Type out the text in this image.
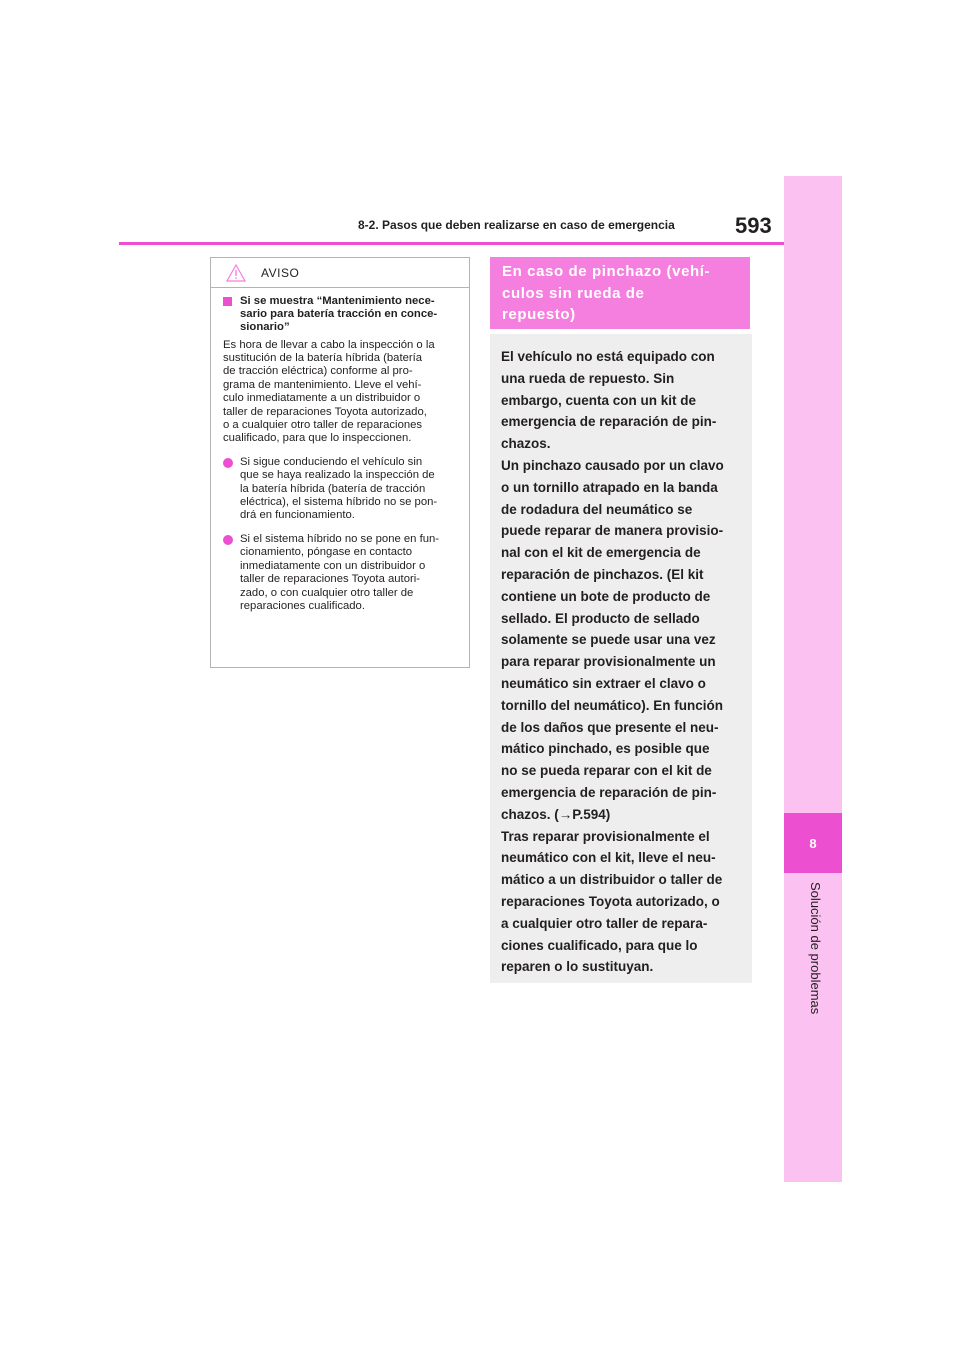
8
Solución de problemas
8-2. Pasos que deben realizarse en caso de emergencia	593
AVISO
Si se muestra “Mantenimiento nece-
sario para batería tracción en conce-
sionario”
Es hora de llevar a cabo la inspección o la
sustitución de la batería híbrida (batería
de tracción eléctrica) conforme al pro-
grama de mantenimiento. Lleve el vehí-
culo inmediatamente a un distribuidor o
taller de reparaciones Toyota autorizado,
o a cualquier otro taller de reparaciones
cualificado, para que lo inspeccionen.
Si sigue conduciendo el vehículo sin
que se haya realizado la inspección de
la batería híbrida (batería de tracción
eléctrica), el sistema híbrido no se pon-
drá en funcionamiento.
Si el sistema híbrido no se pone en fun-
cionamiento, póngase en contacto
inmediatamente con un distribuidor o
taller de reparaciones Toyota autori-
zado, o con cualquier otro taller de
reparaciones cualificado.
En caso de pinchazo (vehí-
culos sin rueda de
repuesto)
El vehículo no está equipado con
una rueda de repuesto. Sin
embargo, cuenta con un kit de
emergencia de reparación de pin-
chazos.
Un pinchazo causado por un clavo
o un tornillo atrapado en la banda
de rodadura del neumático se
puede reparar de manera provisio-
nal con el kit de emergencia de
reparación de pinchazos. (El kit
contiene un bote de producto de
sellado. El producto de sellado
solamente se puede usar una vez
para reparar provisionalmente un
neumático sin extraer el clavo o
tornillo del neumático). En función
de los daños que presente el neu-
mático pinchado, es posible que
no se pueda reparar con el kit de
emergencia de reparación de pin-
chazos. (→P.594)
Tras reparar provisionalmente el
neumático con el kit, lleve el neu-
mático a un distribuidor o taller de
reparaciones Toyota autorizado, o
a cualquier otro taller de repara-
ciones cualificado, para que lo
reparen o lo sustituyan.
